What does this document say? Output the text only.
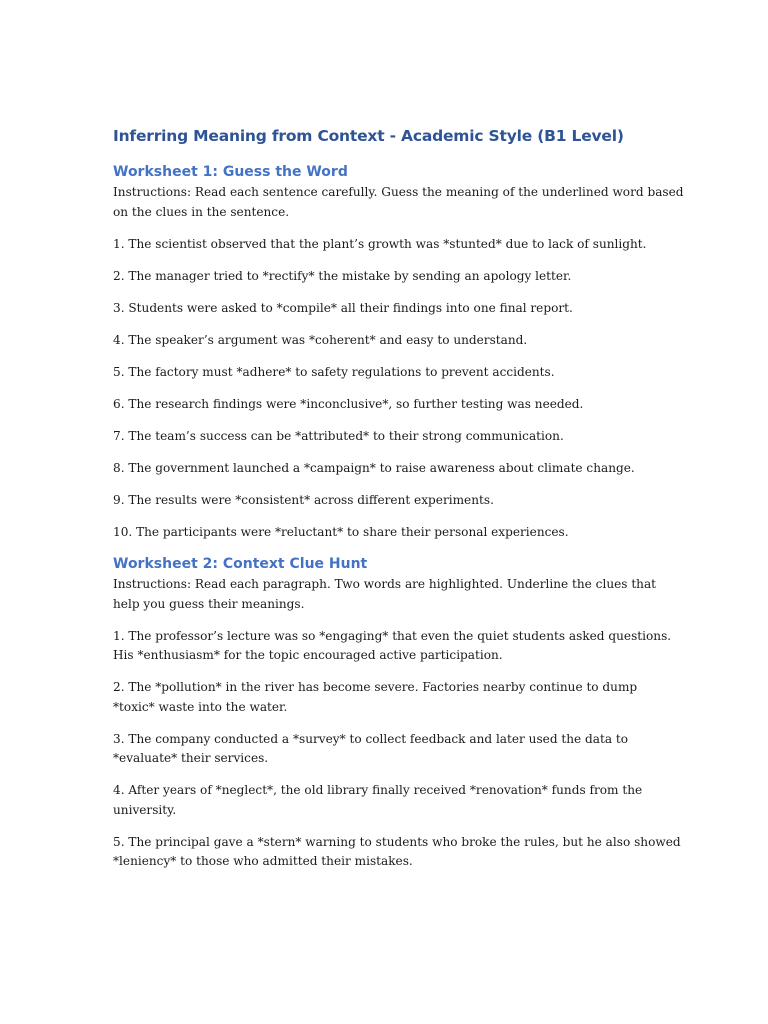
Inferring Meaning from Context - Academic Style (B1 Level)
Worksheet 1: Guess the Word

Instructions: Read each sentence carefully. Guess the meaning of the underlined word based
on the clues in the sentence.

1. The scientist observed that the plant’s growth was *stunted* due to lack of sunlight.

2. The manager tried to *rectify* the mistake by sending an apology letter.

3. Students were asked to *compile* all their findings into one final report.

4. The speaker’s argument was *coherent* and easy to understand.

5. The factory must *adhere* to safety regulations to prevent accidents.

6. The research findings were *inconclusive*, so further testing was needed.

7. The team’s success can be *attributed* to their strong communication.

8. The government launched a *campaign* to raise awareness about climate change.

9. The results were *consistent* across different experiments.

10. The participants were *reluctant* to share their personal experiences.

Worksheet 2: Context Clue Hunt

Instructions: Read each paragraph. Two words are highlighted. Underline the clues that
help you guess their meanings.

1. The professor’s lecture was so *engaging* that even the quiet students asked questions.
His *enthusiasm* for the topic encouraged active participation.

2. The *pollution* in the river has become severe. Factories nearby continue to dump
*toxic* waste into the water.

3. The company conducted a *survey* to collect feedback and later used the data to
*evaluate* their services.

4. After years of *neglect*, the old library finally received *renovation* funds from the
university.

5. The principal gave a *stern* warning to students who broke the rules, but he also showed
*leniency* to those who admitted their mistakes.
